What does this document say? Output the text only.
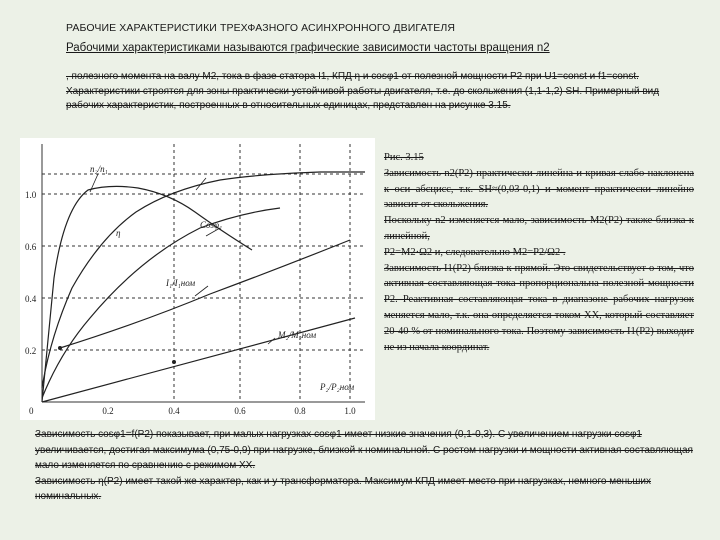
РАБОЧИЕ ХАРАКТЕРИСТИКИ ТРЕХФАЗНОГО АСИНХРОННОГО ДВИГАТЕЛЯ
Рабочими характеристиками называются графические зависимости частоты вращения n2

, полезного момента на валу М2, тока в фазе статора I1, КПД η и cosφ1 от полезной мощности Р2 при U1=const и f1=const. Характеристики строятся для зоны практически устойчивой работы двигателя, т.е. до скольжения (1,1-1,2) SH. Примерный вид рабочих характеристик, построенных в относительных единицах, представлен на рисунке 3.15.

1.0
0.6
0.4
0.2
0	0.2	0.4	0.6	0.8	1.0
n₂/n₁
η
Cosφ₁
I₁/I₁ном
M₂/M₂ном
P₂/P₂ном

Рис. 3.15

Зависимость n2(P2) практически линейна и кривая слабо наклонена к оси абсцисс, т.к. SH≈(0,03-0,1) и момент практически линейно зависит от скольжения.

Поскольку n2 изменяется мало, зависимость M2(P2) также близка к линейной,

P2=M2·Ω2 и, следовательно M2=P2/Ω2 .

Зависимость I1(P2) близка к прямой. Это свидетельствует о том, что активная составляющая тока пропорциональна полезной мощности P2. Реактивная составляющая тока в диапазоне рабочих нагрузок меняется мало, т.к. она определяется током ХХ, который составляет 20-40 % от номинального тока. Поэтому зависимость I1(P2) выходит не из начала координат.

Зависимость cosφ1=f(P2) показывает, при малых нагрузках cosφ1 имеет низкие значения (0,1-0,3). С увеличением нагрузки cosφ1 увеличивается, достигая максимума (0,75-0,9) при нагрузке, близкой к номинальной. С ростом нагрузки и мощности активная составляющая мало изменяется по сравнению с режимом ХХ.

Зависимость η(P2) имеет такой же характер, как и у трансформатора. Максимум КПД имеет место при нагрузках, немного меньших номинальных.
